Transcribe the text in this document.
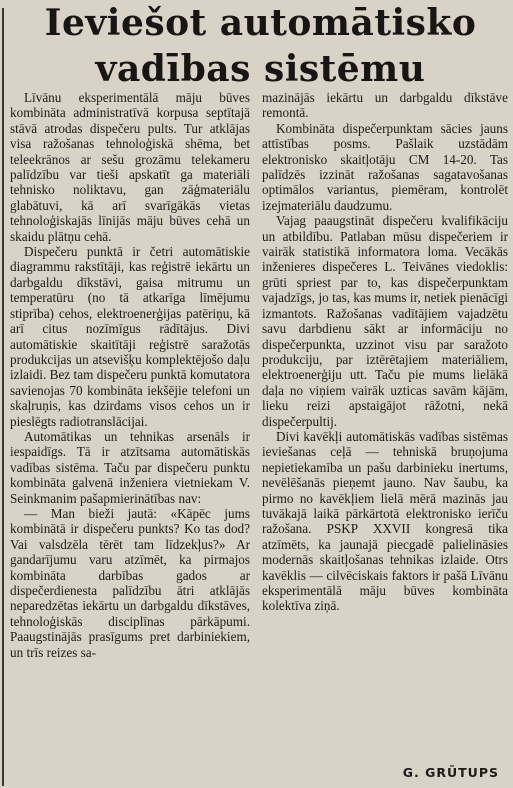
Ieviešot automātisko
vadības sistēmu

Līvānu eksperimentālā māju būves kombināta administratīvā korpusa septītajā stāvā atrodas dispečeru pults. Tur atklājas visa ražošanas tehnoloģiskā shēma, bet teleekrānos ar sešu grozāmu telekameru palīdzību var tieši apskatīt ga materiāli tehnisko noliktavu, gan zāģmateriālu glabātuvi, kā arī svarīgākās vietas tehnoloģiskajās līnijās māju būves cehā un skaidu plātņu cehā.

Dispečeru punktā ir četri automātiskie diagrammu rakstītāji, kas reģistrē iekārtu un darbgaldu dīkstāvi, gaisa mitrumu un temperatūru (no tā atkarīga līmējumu stiprība) cehos, elektroenerģijas patēriņu, kā arī citus nozīmīgus rādītājus. Divi automātiskie skaitītāji reģistrē saražotās produkcijas un atsevišķu komplektējošo daļu izlaidi. Bez tam dispečeru punktā komutatora savienojas 70 kombināta iekšējie telefoni un skaļruņis, kas dzirdams visos cehos un ir pieslēgts radiotranslācijai.

Automātikas un tehnikas arsenāls ir iespaidīgs. Tā ir atzītsama automātiskās vadības sistēma. Taču par dispečeru punktu kombināta galvenā inženiera vietniekam V. Seinkmanim pašapmierinātības nav:

— Man bieži jautā: «Kāpēc jums kombinātā ir dispečeru punkts? Ko tas dod? Vai valsdzēla tērēt tam līdzekļus?» Ar gandarījumu varu atzīmēt, ka pirmajos kombināta darbības gados ar dispečerdienesta palīdzību ātri atklājās neparedzētas iekārtu un darbgaldu dīkstāves, tehnoloģiskās disciplīnas pārkāpumi. Paaugstinājās prasīgums pret darbiniekiem, un trīs reizes sa-

mazinājās iekārtu un darbgaldu dīkstāve remontā.

Kombināta dispečerpunktam sācies jauns attīstības posms. Pašlaik uzstādām elektronisko skaitļotāju CM 14-20. Tas palīdzēs izzināt ražošanas sagatavošanas optimālos variantus, piemēram, kontrolēt izejmateriālu daudzumu.

Vajag paaugstināt dispečeru kvalifikāciju un atbildību. Patlaban mūsu dispečeriem ir vairāk statistikā informatora loma. Vecākās inženieres dispečeres L. Teivānes viedoklis: grūti spriest par to, kas dispečerpunktam vajadzīgs, jo tas, kas mums ir, netiek pienācīgi izmantots. Ražošanas vadītājiem vajadzētu savu darbdienu sākt ar informāciju no dispečerpunkta, uzzinot visu par saražoto produkciju, par iztērētajiem materiāliem, elektroenerģiju utt. Taču pie mums lielākā daļa no viņiem vairāk uzticas savām kājām, lieku reizi apstaigājot rāžotni, nekā dispečerpultij.

Divi kavēkļi automātiskās vadības sistēmas ieviešanas ceļā — tehniskā bruņojuma nepietiekamība un pašu darbinieku inertums, nevēlēšanās pieņemt jauno. Nav šaubu, ka pirmo no kavēkļiem lielā mērā mazinās jau tuvākajā laikā pārkārtotā elektronisko ierīču ražošana. PSKP XXVII kongresā tika atzīmēts, ka jaunajā piecgadē palielināsies modernās skaitļošanas tehnikas izlaide. Otrs kavēklis — cilvēciskais faktors ir pašā Līvānu eksperimentālā māju būves kombināta kolektīva ziņā.

G. GRŪTUPS
